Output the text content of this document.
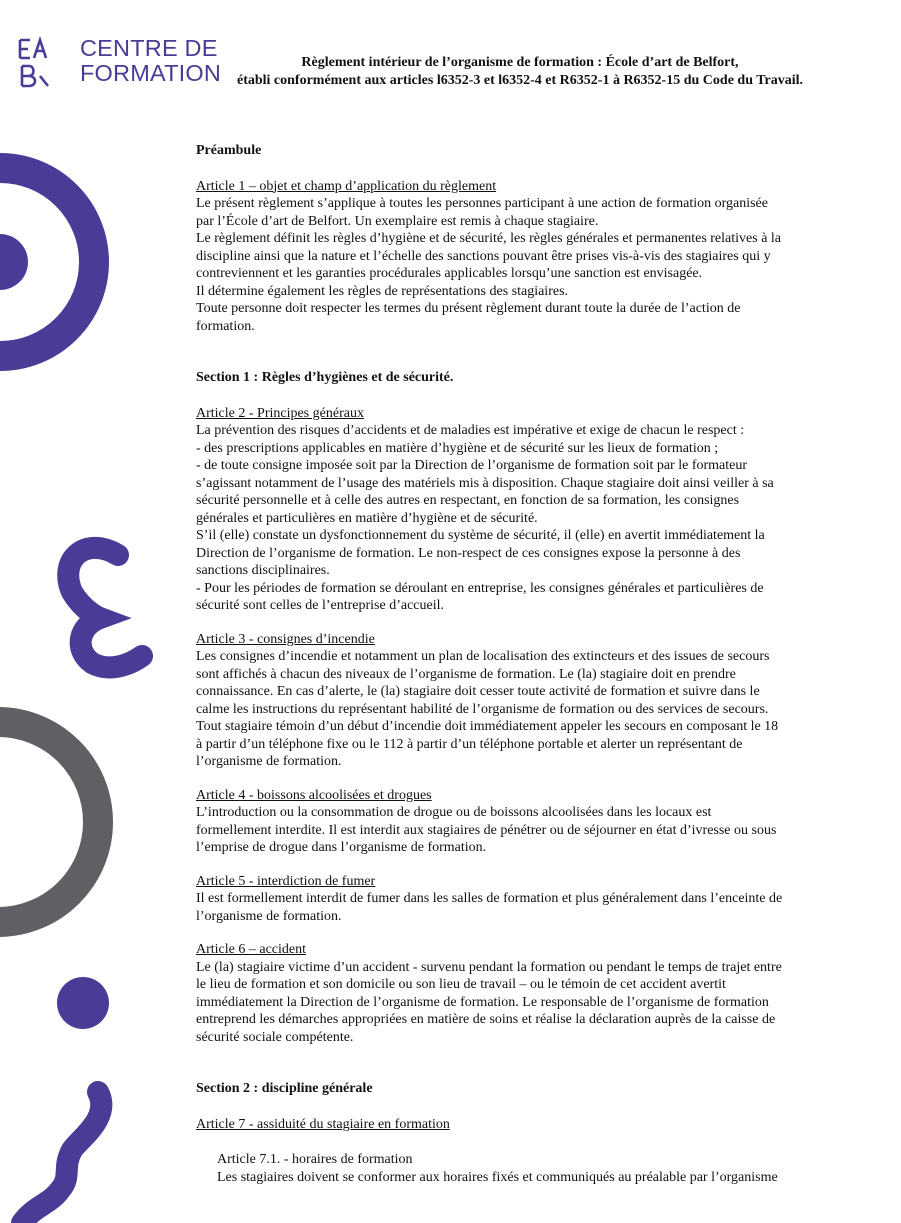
CENTRE DE
FORMATION	Règlement intérieur de l’organisme de formation : École d’art de Belfort,
établi conformément aux articles l6352-3 et l6352-4 et R6352-1 à R6352-15 du Code du Travail.

Préambule

Article 1 – objet et champ d’application du règlement

Le présent règlement s’applique à toutes les personnes participant à une action de formation organisée

par l’École d’art de Belfort. Un exemplaire est remis à chaque stagiaire.

Le règlement définit les règles d’hygiène et de sécurité, les règles générales et permanentes relatives à la

discipline ainsi que la nature et l’échelle des sanctions pouvant être prises vis-à-vis des stagiaires qui y

contreviennent et les garanties procédurales applicables lorsqu’une sanction est envisagée.

Il détermine également les règles de représentations des stagiaires.

Toute personne doit respecter les termes du présent règlement durant toute la durée de l’action de

formation.

Section 1 : Règles d’hygiènes et de sécurité.

Article 2 - Principes généraux

La prévention des risques d’accidents et de maladies est impérative et exige de chacun le respect :

- des prescriptions applicables en matière d’hygiène et de sécurité sur les lieux de formation ;

- de toute consigne imposée soit par la Direction de l’organisme de formation soit par le formateur

s’agissant notamment de l’usage des matériels mis à disposition. Chaque stagiaire doit ainsi veiller à sa

sécurité personnelle et à celle des autres en respectant, en fonction de sa formation, les consignes

générales et particulières en matière d’hygiène et de sécurité.

S’il (elle) constate un dysfonctionnement du système de sécurité, il (elle) en avertit immédiatement la

Direction de l’organisme de formation. Le non-respect de ces consignes expose la personne à des

sanctions disciplinaires.

- Pour les périodes de formation se déroulant en entreprise, les consignes générales et particulières de

sécurité sont celles de l’entreprise d’accueil.

Article 3 - consignes d’incendie

Les consignes d’incendie et notamment un plan de localisation des extincteurs et des issues de secours

sont affichés à chacun des niveaux de l’organisme de formation. Le (la) stagiaire doit en prendre

connaissance. En cas d’alerte, le (la) stagiaire doit cesser toute activité de formation et suivre dans le

calme les instructions du représentant habilité de l’organisme de formation ou des services de secours.

Tout stagiaire témoin d’un début d’incendie doit immédiatement appeler les secours en composant le 18

à partir d’un téléphone fixe ou le 112 à partir d’un téléphone portable et alerter un représentant de

l’organisme de formation.

Article 4 - boissons alcoolisées et drogues

L’introduction ou la consommation de drogue ou de boissons alcoolisées dans les locaux est

formellement interdite. Il est interdit aux stagiaires de pénétrer ou de séjourner en état d’ivresse ou sous

l’emprise de drogue dans l’organisme de formation.

Article 5 - interdiction de fumer

Il est formellement interdit de fumer dans les salles de formation et plus généralement dans l’enceinte de

l’organisme de formation.

Article 6 – accident

Le (la) stagiaire victime d’un accident - survenu pendant la formation ou pendant le temps de trajet entre

le lieu de formation et son domicile ou son lieu de travail – ou le témoin de cet accident avertit

immédiatement la Direction de l’organisme de formation. Le responsable de l’organisme de formation

entreprend les démarches appropriées en matière de soins et réalise la déclaration auprès de la caisse de

sécurité sociale compétente.

Section 2 : discipline générale

Article 7 - assiduité du stagiaire en formation

Article 7.1. - horaires de formation

Les stagiaires doivent se conformer aux horaires fixés et communiqués au préalable par l’organisme
